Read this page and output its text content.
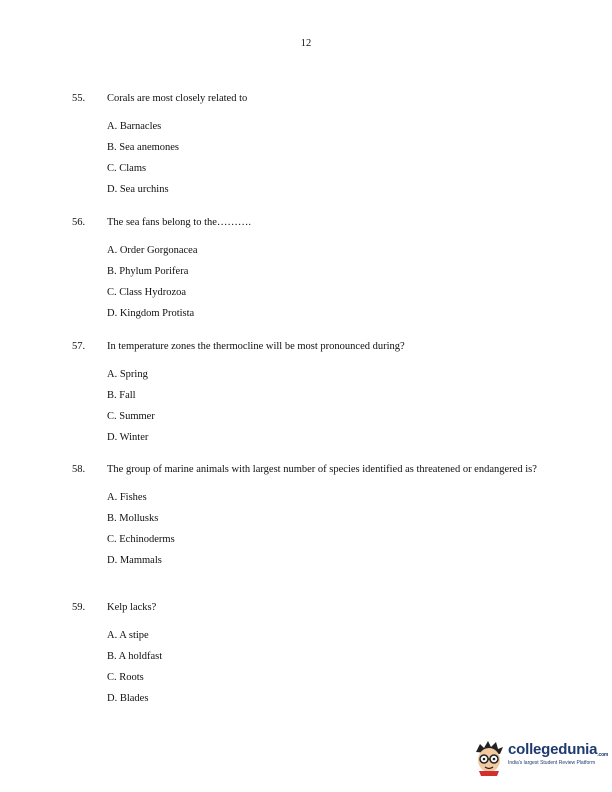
12
55.	Corals are most closely related to
A. Barnacles
B. Sea anemones
C. Clams
D. Sea urchins
56.	The sea fans belong to the……….
A. Order Gorgonacea
B. Phylum Porifera
C. Class Hydrozoa
D. Kingdom Protista
57.	In temperature zones the thermocline will be most pronounced during?
A. Spring
B. Fall
C. Summer
D. Winter
58.	The group of marine animals with largest number of species identified as threatened or endangered is?
A. Fishes
B. Mollusks
C. Echinoderms
D. Mammals
59.	Kelp lacks?
A. A stipe
B. A holdfast
C. Roots
D. Blades
collegedunia.com
India's largest Student Review Platform
